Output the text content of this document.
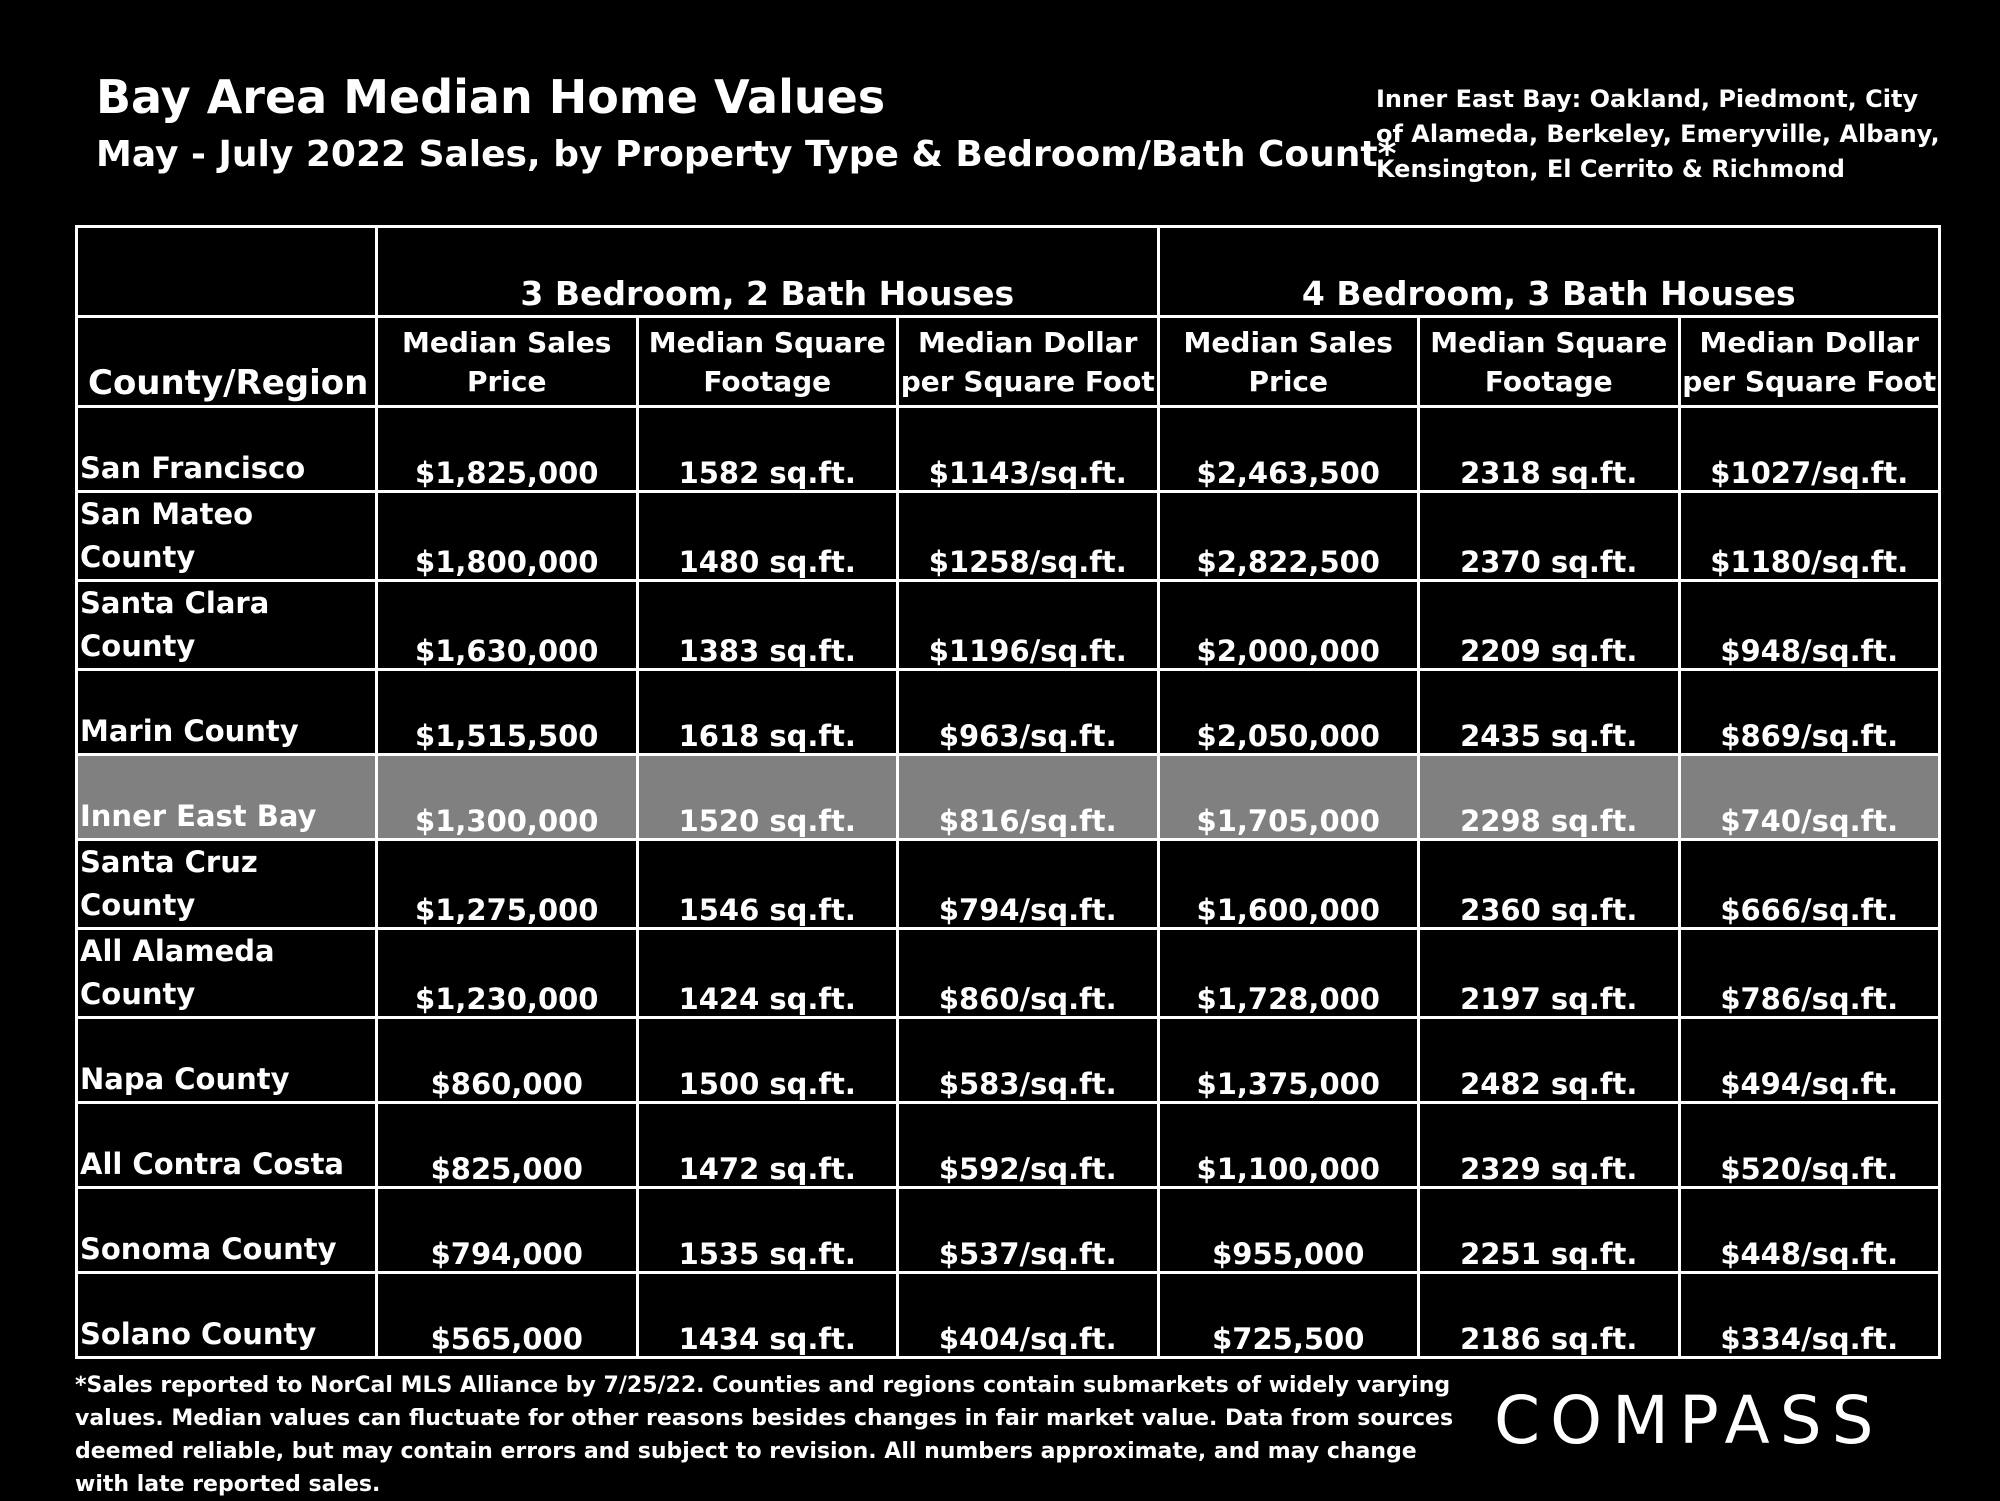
Bay Area Median Home Values
May - July 2022 Sales, by Property Type & Bedroom/Bath Count*
Inner East Bay: Oakland, Piedmont, City of Alameda, Berkeley, Emeryville, Albany, Kensington, El Cerrito & Richmond
	3 Bedroom, 2 Bath Houses			4 Bedroom, 3 Bath Houses		
County/Region	Median Sales Price	Median Square Footage	Median Dollar per Square Foot	Median Sales Price	Median Square Footage	Median Dollar per Square Foot
San Francisco	$1,825,000	1582 sq.ft.	$1143/sq.ft.	$2,463,500	2318 sq.ft.	$1027/sq.ft.
San Mateo County	$1,800,000	1480 sq.ft.	$1258/sq.ft.	$2,822,500	2370 sq.ft.	$1180/sq.ft.
Santa Clara County	$1,630,000	1383 sq.ft.	$1196/sq.ft.	$2,000,000	2209 sq.ft.	$948/sq.ft.
Marin County	$1,515,500	1618 sq.ft.	$963/sq.ft.	$2,050,000	2435 sq.ft.	$869/sq.ft.
Inner East Bay	$1,300,000	1520 sq.ft.	$816/sq.ft.	$1,705,000	2298 sq.ft.	$740/sq.ft.
Santa Cruz County	$1,275,000	1546 sq.ft.	$794/sq.ft.	$1,600,000	2360 sq.ft.	$666/sq.ft.
All Alameda County	$1,230,000	1424 sq.ft.	$860/sq.ft.	$1,728,000	2197 sq.ft.	$786/sq.ft.
Napa County	$860,000	1500 sq.ft.	$583/sq.ft.	$1,375,000	2482 sq.ft.	$494/sq.ft.
All Contra Costa	$825,000	1472 sq.ft.	$592/sq.ft.	$1,100,000	2329 sq.ft.	$520/sq.ft.
Sonoma County	$794,000	1535 sq.ft.	$537/sq.ft.	$955,000	2251 sq.ft.	$448/sq.ft.
Solano County	$565,000	1434 sq.ft.	$404/sq.ft.	$725,500	2186 sq.ft.	$334/sq.ft.
*Sales reported to NorCal MLS Alliance by 7/25/22. Counties and regions contain submarkets of widely varying values. Median values can fluctuate for other reasons besides changes in fair market value. Data from sources deemed reliable, but may contain errors and subject to revision. All numbers approximate, and may change with late reported sales.
COMPASS
